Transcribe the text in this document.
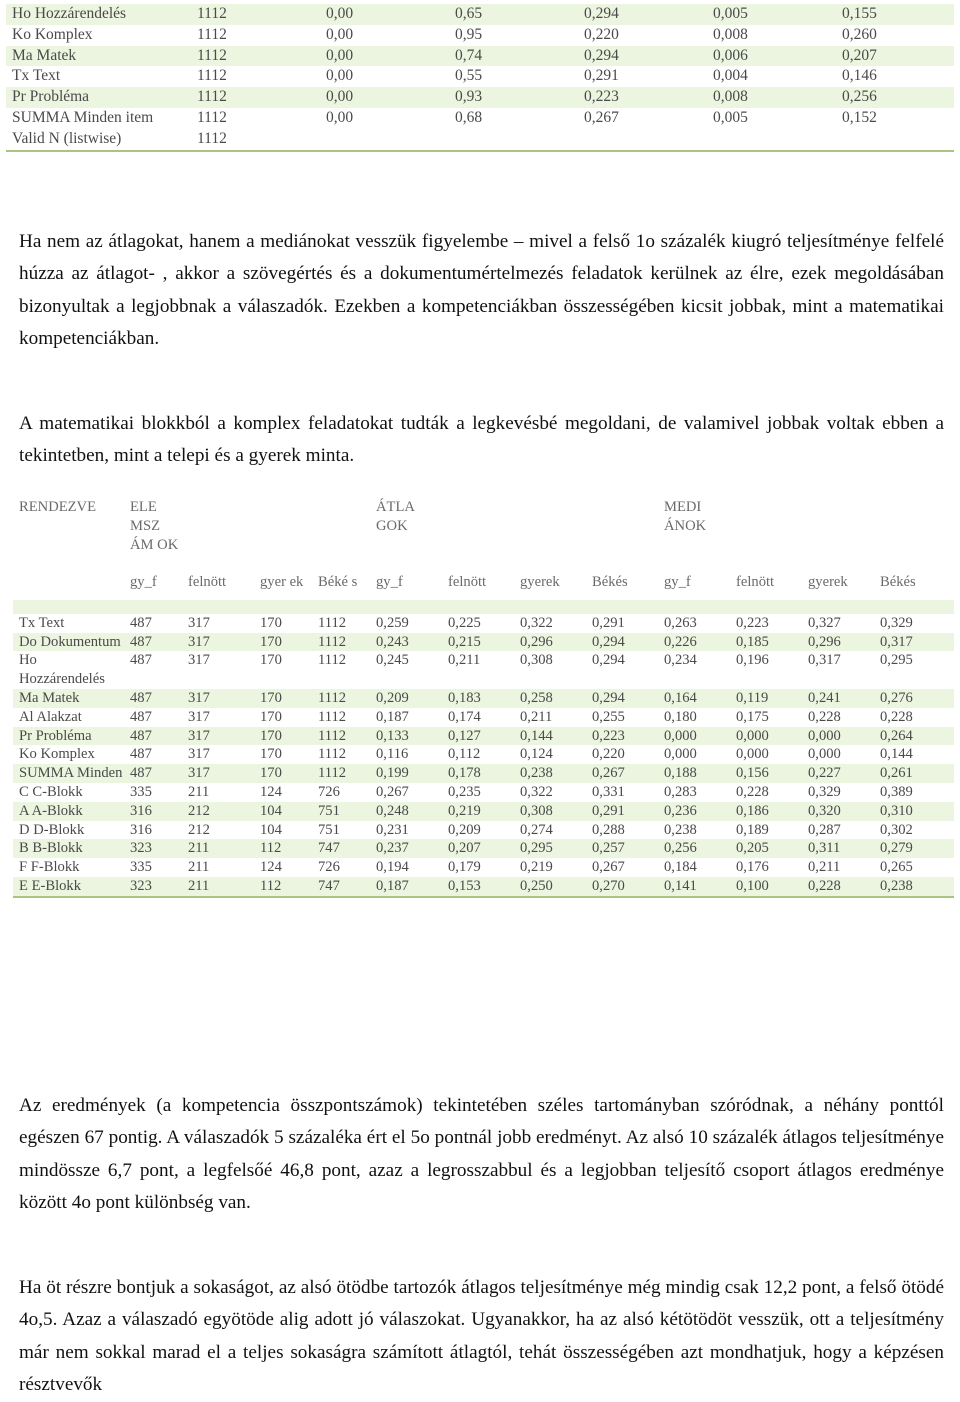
Ho Hozzárendelés	1112	0,00	0,65	0,294	0,005	0,155
Ko Komplex	1112	0,00	0,95	0,220	0,008	0,260
Ma Matek	1112	0,00	0,74	0,294	0,006	0,207
Tx Text	1112	0,00	0,55	0,291	0,004	0,146
Pr Probléma	1112	0,00	0,93	0,223	0,008	0,256
SUMMA Minden item	1112	0,00	0,68	0,267	0,005	0,152
Valid N (listwise)	1112					

Ha nem az átlagokat, hanem a mediánokat vesszük figyelembe – mivel a felső 1o százalék kiugró teljesítménye felfelé húzza az átlagot- , akkor a szövegértés és a dokumentumértelmezés feladatok kerülnek az élre, ezek megoldásában bizonyultak a legjobbnak a válaszadók. Ezekben a kompetenciákban összességében kicsit jobbak, mint a matematikai kompetenciákban.

A matematikai blokkból a komplex feladatokat tudták a legkevésbé megoldani, de valamivel jobbak voltak ebben a tekintetben, mint a telepi és a gyerek minta.

RENDEZVE	ELE MSZ ÁM OK				ÁTLA GOK				MEDI ÁNOK			
	gy_f	felnött	gyer ek	Béké s	gy_f	felnött	gyerek	Békés	gy_f	felnött	gyerek	Békés

Tx Text	487	317	170	1112	0,259	0,225	0,322	0,291	0,263	0,223	0,327	0,329
Do Dokumentum	487	317	170	1112	0,243	0,215	0,296	0,294	0,226	0,185	0,296	0,317
Ho Hozzárendelés	487	317	170	1112	0,245	0,211	0,308	0,294	0,234	0,196	0,317	0,295
Ma Matek	487	317	170	1112	0,209	0,183	0,258	0,294	0,164	0,119	0,241	0,276
Al Alakzat	487	317	170	1112	0,187	0,174	0,211	0,255	0,180	0,175	0,228	0,228
Pr Probléma	487	317	170	1112	0,133	0,127	0,144	0,223	0,000	0,000	0,000	0,264
Ko Komplex	487	317	170	1112	0,116	0,112	0,124	0,220	0,000	0,000	0,000	0,144
SUMMA Minden	487	317	170	1112	0,199	0,178	0,238	0,267	0,188	0,156	0,227	0,261
C C-Blokk	335	211	124	726	0,267	0,235	0,322	0,331	0,283	0,228	0,329	0,389
A A-Blokk	316	212	104	751	0,248	0,219	0,308	0,291	0,236	0,186	0,320	0,310
D D-Blokk	316	212	104	751	0,231	0,209	0,274	0,288	0,238	0,189	0,287	0,302
B B-Blokk	323	211	112	747	0,237	0,207	0,295	0,257	0,256	0,205	0,311	0,279
F F-Blokk	335	211	124	726	0,194	0,179	0,219	0,267	0,184	0,176	0,211	0,265
E E-Blokk	323	211	112	747	0,187	0,153	0,250	0,270	0,141	0,100	0,228	0,238

Az eredmények (a kompetencia összpontszámok) tekintetében széles tartományban szóródnak, a néhány ponttól egészen 67 pontig. A válaszadók 5 százaléka ért el 5o pontnál jobb eredményt. Az alsó 10 százalék átlagos teljesítménye mindössze 6,7 pont, a legfelsőé 46,8 pont, azaz a legrosszabbul és a legjobban teljesítő csoport átlagos eredménye között 4o pont különbség van.

Ha öt részre bontjuk a sokaságot, az alsó ötödbe tartozók átlagos teljesítménye még mindig csak 12,2 pont, a felső ötödé 4o,5. Azaz a válaszadó egyötöde alig adott jó válaszokat. Ugyanakkor, ha az alsó kétötödöt vesszük, ott a teljesítmény már nem sokkal marad el a teljes sokaságra számított átlagtól, tehát összességében azt mondhatjuk, hogy a képzésen résztvevők
